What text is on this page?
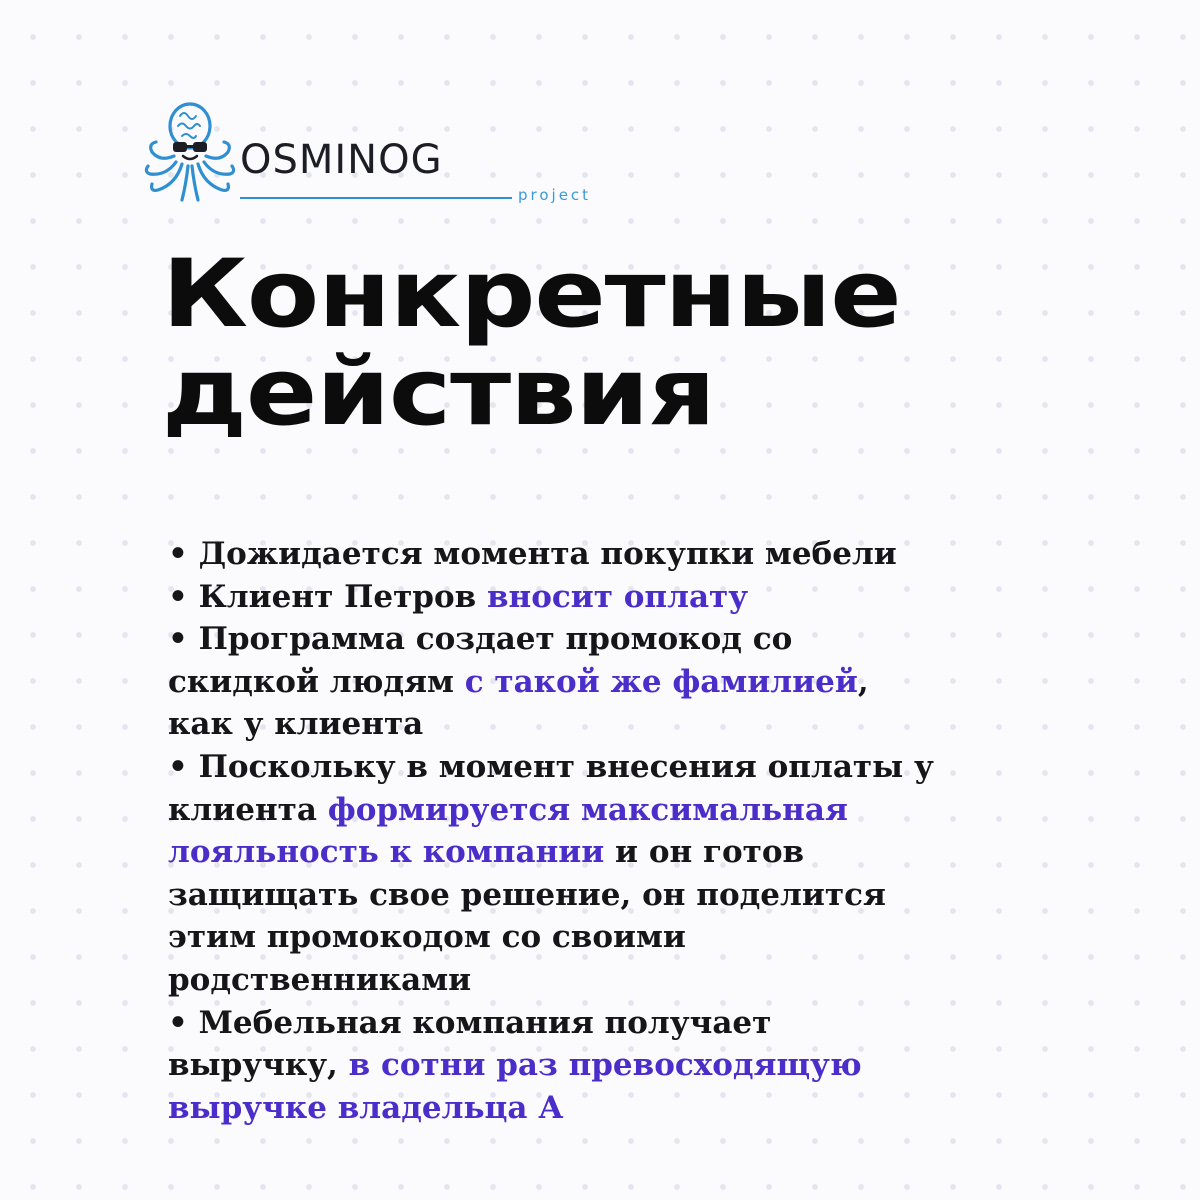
OSMINOG
project
Конкретные
действия
• Дожидается момента покупки мебели
• Клиент Петров вносит оплату
• Программа создает промокод со
скидкой людям с такой же фамилией,
как у клиента
• Поскольку в момент внесения оплаты у
клиента формируется максимальная
лояльность к компании и он готов
защищать свое решение, он поделится
этим промокодом со своими
родственниками
• Мебельная компания получает
выручку, в сотни раз превосходящую
выручке владельца А
